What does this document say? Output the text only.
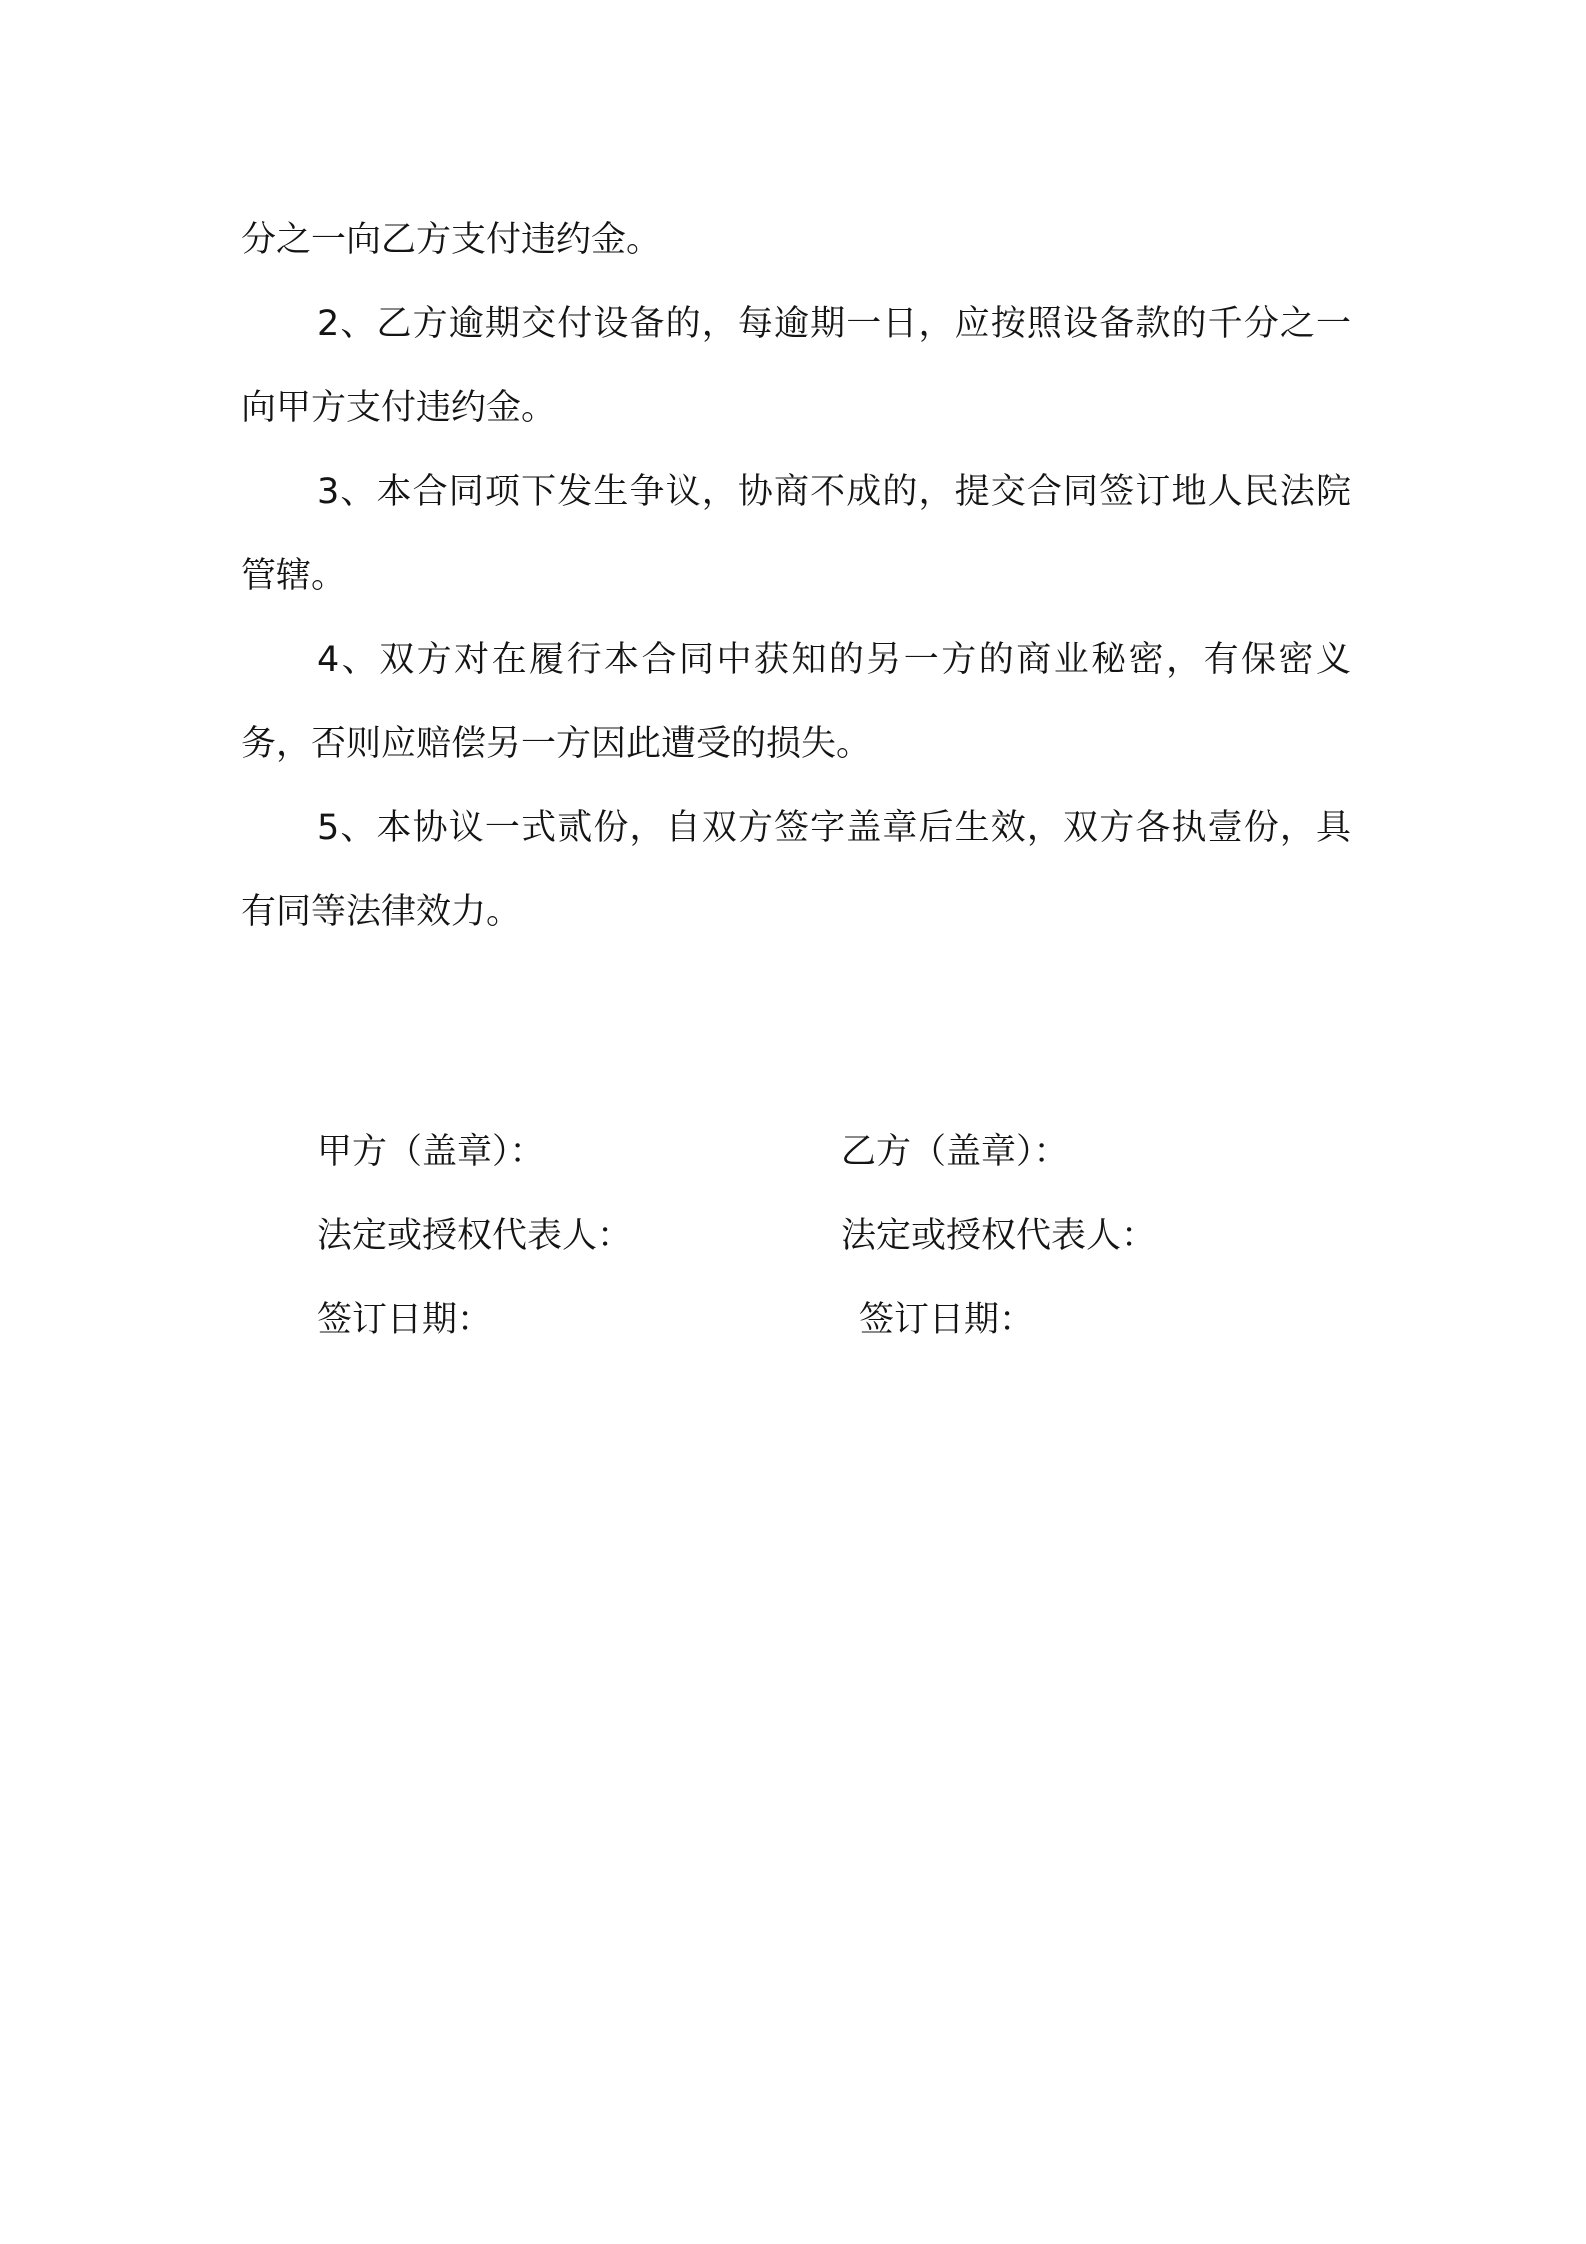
分之一向乙方支付违约金。

2、乙方逾期交付设备的，每逾期一日，应按照设备款的千分之一向甲方支付违约金。

3、本合同项下发生争议，协商不成的，提交合同签订地人民法院管辖。

4、双方对在履行本合同中获知的另一方的商业秘密，有保密义务，否则应赔偿另一方因此遭受的损失。

5、本协议一式贰份，自双方签字盖章后生效，双方各执壹份，具有同等法律效力。

甲方（盖章）：
法定或授权代表人：
签订日期：
乙方（盖章）：
法定或授权代表人：
签订日期：
